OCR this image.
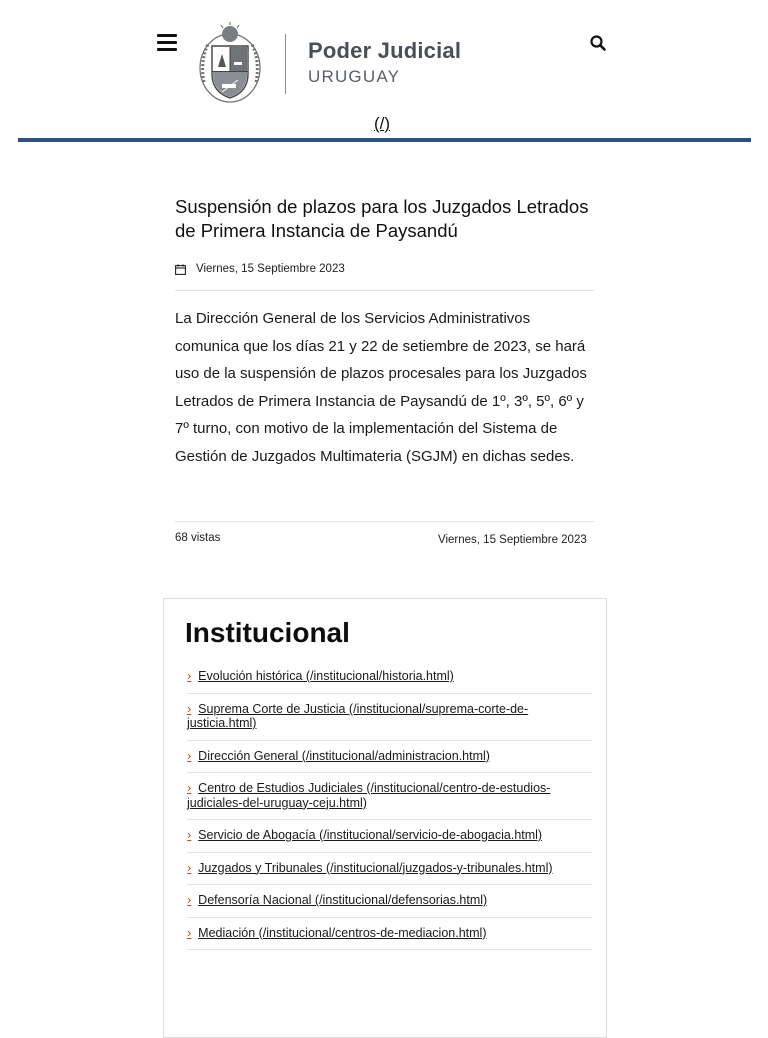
Poder Judicial
URUGUAY
(/)
Suspensión de plazos para los Juzgados Letrados de Primera Instancia de Paysandú
Viernes, 15 Septiembre 2023

La Dirección General de los Servicios Administrativos comunica que los días 21 y 22 de setiembre de 2023, se hará uso de la suspensión de plazos procesales para los Juzgados Letrados de Primera Instancia de Paysandú de 1º, 3º, 5º, 6º y 7º turno, con motivo de la implementación del Sistema de Gestión de Juzgados Multimateria (SGJM) en dichas sedes.

68 vistas	Viernes, 15 Septiembre 2023
Institucional
› Evolución histórica (/institucional/historia.html)
› Suprema Corte de Justicia (/institucional/suprema-corte-de-justicia.html)
› Dirección General (/institucional/administracion.html)
› Centro de Estudios Judiciales (/institucional/centro-de-estudios-judiciales-del-uruguay-ceju.html)
› Servicio de Abogacía (/institucional/servicio-de-abogacia.html)
› Juzgados y Tribunales (/institucional/juzgados-y-tribunales.html)
› Defensoría Nacional (/institucional/defensorias.html)
› Mediación (/institucional/centros-de-mediacion.html)
